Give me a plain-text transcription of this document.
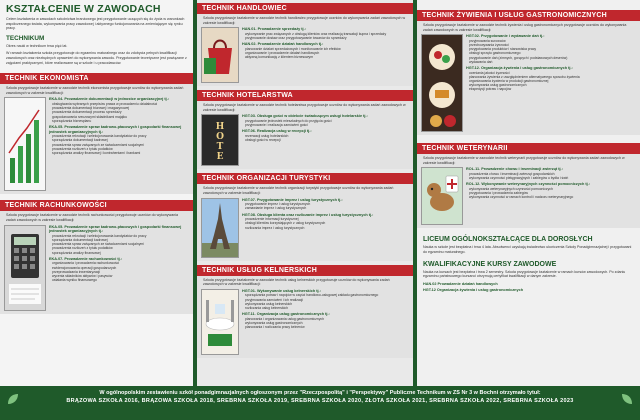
KSZTAŁCENIE W ZAWODACH
Celem kształcenia w zawodach szkolnictwa branżowego jest przygotowanie uczących się do życia w warunkach współczesnego świata, wykonywania pracy zawodowej i aktywnego funkcjonowania na zmieniającym się rynku pracy.
TECHNIKUM
Okres nauki w technikum trwa pięć lat.
W ramach kształcenia szkoła przygotowuje do egzaminu maturalnego oraz do zdobycia pełnych kwalifikacji zawodowych oraz niezbędnych uprawnień do wykonywania zawodu. Przygotowanie teoretyczne jest powiązane z zajęciami praktycznymi, które realizowane są w szkole i u pracodawców.
TECHNIK EKONOMISTA
Szkoła przygotowuje kształcenie w zawodzie technik ekonomista przygotowuje uczniów do wykonywania zadań zawodowych w zakresie kwalifikacji:
EKA.04. Prowadzenie dokumentacji w jednostce organizacyjnej tj.:
obsługiwania wybranych przepisów prawa w prowadzeniu działalności
prowadzenia dokumentacji biurowej i magazynowej
prowadzenia dokumentacji procesu sprzedaży
gospodarowania rzeczowymi składnikami majątku
sporządzania biznesplanu
EKA.05. Prowadzenie spraw kadrowo-płacowych i gospodarki finansowej jednostek organizacyjnych tj.:
prowadzenia rekrutacji i selekcjonowania kandydatów do pracy
sporządzania dokumentacji kadrowej
prowadzenia spraw związanych ze świadczeniami socjalnymi
prowadzenia rozliczeń z tytułu podatków
sporządzania analizy finansowej i kontrahentami i bankami
TECHNIK RACHUNKOWOŚCI
Szkoła przygotowuje kształcenie w zawodzie technik rachunkowości przygotowuje uczniów do wykonywania zadań zawodowych w zakresie kwalifikacji:
EKA.05. Prowadzenie spraw kadrowo-płacowych i gospodarki finansowej jednostek organizacyjnych tj.:
prowadzenia rekrutacji i selekcjonowania kandydatów do pracy
sporządzania dokumentacji kadrowej
prowadzenia spraw związanych ze świadczeniami socjalnymi
prowadzenia rozliczeń z tytułu podatków
sporządzania analizy finansowej
EKA.07. Prowadzenie rachunkowości tj.:
organizowania i prowadzenia rachunkowości
ewidencjonowania operacji gospodarczych
przeprowadzania inwentaryzacji
wycenia składników aktywów i pasywów
ustalania wyniku finansowego
TECHNIK HANDLOWIEC
Szkoła przygotowuje kształcenie w zawodzie technik handlowiec przygotowuje uczniów do wykonywania zadań zawodowych w zakresie kwalifikacji:
HAN.01. Prowadzenie sprzedaży tj.:
wykonywanie prac związanych z obsługą klientów oraz realizacją transakcji kupna i sprzedaży
przyjmowanie dostaw oraz przygotowywanie towarów do sprzedaży
HAN.02. Prowadzenie działań handlowych tj.:
planowanie działań sprzedażowych i monitorowanie ich efektów
organizowanie i prowadzenie działań handlowych
aktywną komunikację z klientem biznesowym
TECHNIK HOTELARSTWA
Szkoła przygotowuje kształcenie w zawodzie technik hotelarstwa przygotowuje uczniów do wykonywania zadań zawodowych w zakresie kwalifikacji:
H
O
T
E
HGT.03. Obsługa gości w obiekcie świadczącym usługi hotelarskie tj.:
przygotowanie jednostek mieszkalnych do przyjęcia gości
przyjmowanie i realizacja zamówień gości
HGT.06. Realizacja usług w recepcji tj.:
rezerwacji usług hotelarskich
obsługi gości w recepcji
TECHNIK ORGANIZACJI TURYSTYKI
Szkoła przygotowuje kształcenie w zawodzie technik organizacji turystyki przygotowuje uczniów do wykonywania zadań zawodowych w zakresie kwalifikacji:
HGT.07. Przygotowanie imprez i usług turystycznych tj.:
przygotowanie imprez i usług turystycznych
zamawianie imprez i usług turystycznych
HGT.08. Obsługa klienta oraz rozliczanie imprez i usług turystycznych tj.:
prowadzenie informacji turystycznej
obsługi klientów korzystających z usług turystycznych
rozliczania imprez i usług turystycznych
TECHNIK USŁUG KELNERSKICH
Szkoła przygotowuje kształcenie w zawodzie technik usług kelnerskich przygotowuje uczniów do wykonywania zadań zawodowych w zakresie kwalifikacji:
HGT.01. Wykonywanie usług kelnerskich tj.:
sporządzania potraw i napojów w części handlowo-usługowej zakładu gastronomicznego
przyjmowania zamówień i ich realizacji
wykonywania usług kelnerskich
rozliczania usług kelnerskich
HGT.11. Organizacja usług gastronomicznych tj.:
planowania i organizowania usług gastronomicznych
wykonywania usług gastronomicznych
planowania i rozliczania pracy kelnerów
TECHNIK ŻYWIENIA I USŁUG GASTRONOMICZNYCH
Szkoła przygotowuje kształcenie w zawodzie technik żywienia i usług gastronomicznych przygotowuje uczniów do wykonywania zadań zawodowych w zakresie kwalifikacji:
HGT.02. Przygotowanie i wydawanie dań tj.:
przyjmowania surowców
przechowywania żywności
przygotowania produktów i stanowiska pracy
obsługi sprzętu gastronomicznego
przygotowanie dań (zimnych, gorących i podstawowych deserów)
wydawania dań
HGT.12. Organizacja żywienia i usług gastronomicznych tj.:
oceniania jakości żywności
planowania żywienia z uwzględnieniem alternatywnego sposobu żywienia
organizowania żywienia w produkcji gastronomicznej
wykonywania usług gastronomicznych
ekspedycji potraw i napojów
TECHNIK WETERYNARII
Szkoła przygotowuje kształcenie w zawodzie technik weterynarii przygotowuje uczniów do wykonywania zadań zawodowych w zakresie kwalifikacji:
ROL.11. Prowadzenie chowu i inseminacji zwierząt tj.:
prowadzenia chowu i inseminacji zwierząt gospodarskich
wykonywania czynności pielęgnacyjnych i zabiegów u bydła i świń
ROL.12. Wykonywanie weterynaryjnych czynności pomocniczych tj.:
wykonywania weterynaryjnych czynności pomocniczych
przygotowania i prowadzenia zabiegów
wykonywania czynności w ramach kontroli i nadzoru weterynaryjnego
LICEUM OGÓLNOKSZTAŁCĄCE DLA DOROSŁYCH
Nauka w szkole jest bezpłatna i trwa 4 lata. Absolwenci uzyskają świadectwo ukończenia Szkoły Ponadgimnazjalnej i przygotowani do egzaminu maturalnego.
KWALIFIKACYJNE KURSY ZAWODOWE
Nauka na kursach jest bezpłatna i trwa 2 semestry. Szkoła przygotowuje kształcenie w ramach kursów zawodowych. Po zdaniu egzaminu państwowego kursanci otrzymują certyfikat kwalifikacji w danym zakresie.
HAN.02 Prowadzenie działań handlowych
HGT.12 Organizacja żywienia i usług gastronomicznych
W ogólnopolskim zestawieniu szkół ponadgimnazjalnych ogłoszonym przez "Rzeczpospolitą" i "Perspektywy" Publiczne Technikum w ZS Nr 3 w Bochni otrzymało tytuł:
BRĄZOWA SZKOŁA 2016, BRĄZOWA SZKOŁA 2018, SREBRNA SZKOŁA 2019, SREBRNA SZKOŁA 2020, ZŁOTA SZKOŁA 2021, SREBRNA SZKOŁA 2022, SREBRNA SZKOŁA 2023
